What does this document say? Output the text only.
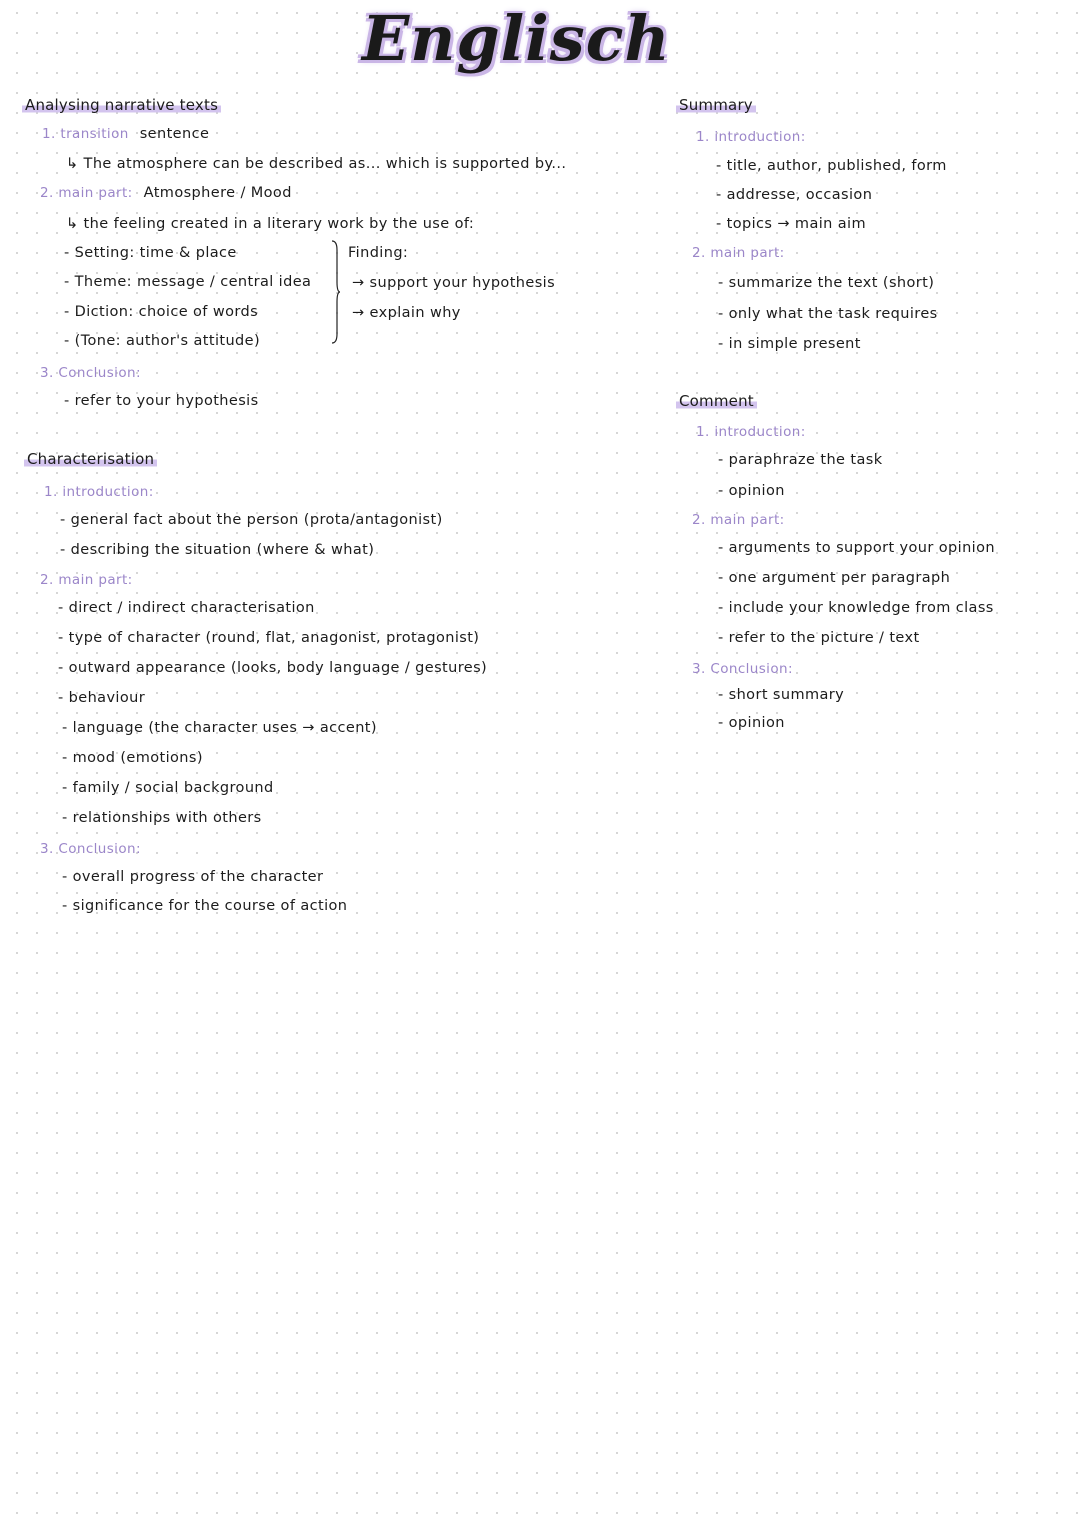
Englisch
Analysing narrative texts
1. transition sentence
↳ The atmosphere can be described as... which is supported by...
2. main part: Atmosphere / Mood
↳ the feeling created in a literary work by the use of:
- Setting: time & place
- Theme: message / central idea
- Diction: choice of words
- (Tone: author's attitude)
Finding:
→ support your hypothesis
→ explain why
3. Conclusion:
- refer to your hypothesis
Characterisation
1. introduction:
- general fact about the person (prota/antagonist)
- describing the situation (where & what)
2. main part:
- direct / indirect characterisation
- type of character (round, flat, anagonist, protagonist)
- outward appearance (looks, body language / gestures)
- behaviour
- language (the character uses → accent)
- mood (emotions)
- family / social background
- relationships with others
3. Conclusion:
- overall progress of the character
- significance for the course of action
Summary
1. introduction:
- title, author, published, form
- addresse, occasion
- topics → main aim
2. main part:
- summarize the text (short)
- only what the task requires
- in simple present
Comment
1. introduction:
- paraphraze the task
- opinion
2. main part:
- arguments to support your opinion
- one argument per paragraph
- include your knowledge from class
- refer to the picture / text
3. Conclusion:
- short summary
- opinion
